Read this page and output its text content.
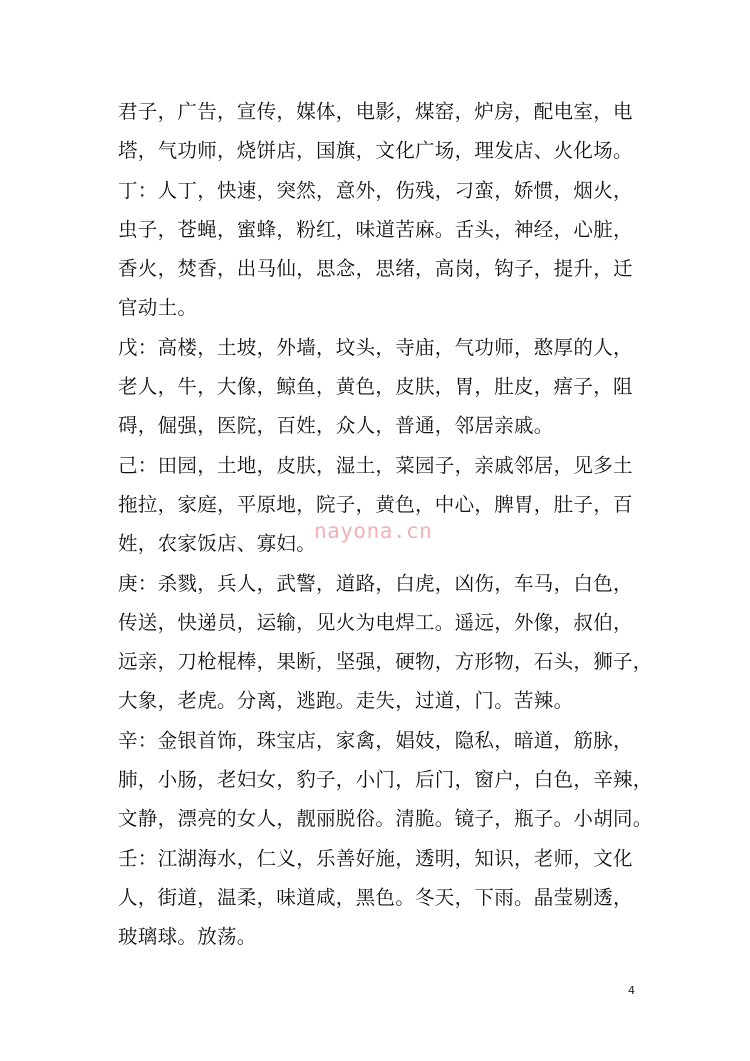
君子，广告，宣传，媒体，电影，煤窑，炉房，配电室，电
塔，气功师，烧饼店，国旗，文化广场，理发店、火化场。
丁：人丁，快速，突然，意外，伤残，刁蛮，娇惯，烟火，
虫子，苍蝇，蜜蜂，粉红，味道苦麻。舌头，神经，心脏，
香火，焚香，出马仙，思念，思绪，高岗，钩子，提升，迁
官动土。
戊：高楼，土坡，外墙，坟头，寺庙，气功师，憨厚的人，
老人，牛，大像，鲸鱼，黄色，皮肤，胃，肚皮，痦子，阻
碍，倔强，医院，百姓，众人，普通，邻居亲戚。
己：田园，土地，皮肤，湿土，菜园子，亲戚邻居，见多土
拖拉，家庭，平原地，院子，黄色，中心，脾胃，肚子，百
姓，农家饭店、寡妇。
庚：杀戮，兵人，武警，道路，白虎，凶伤，车马，白色，
传送，快递员，运输，见火为电焊工。遥远，外像，叔伯，
远亲，刀枪棍棒，果断，坚强，硬物，方形物，石头，狮子，
大象，老虎。分离，逃跑。走失，过道，门。苦辣。
辛：金银首饰，珠宝店，家禽，娼妓，隐私，暗道，筋脉，
肺，小肠，老妇女，豹子，小门，后门，窗户，白色，辛辣，
文静，漂亮的女人，靓丽脱俗。清脆。镜子，瓶子。小胡同。
壬：江湖海水，仁义，乐善好施，透明，知识，老师，文化
人，街道，温柔，味道咸，黑色。冬天，下雨。晶莹剔透，
玻璃球。放荡。
nayona.cn
4
